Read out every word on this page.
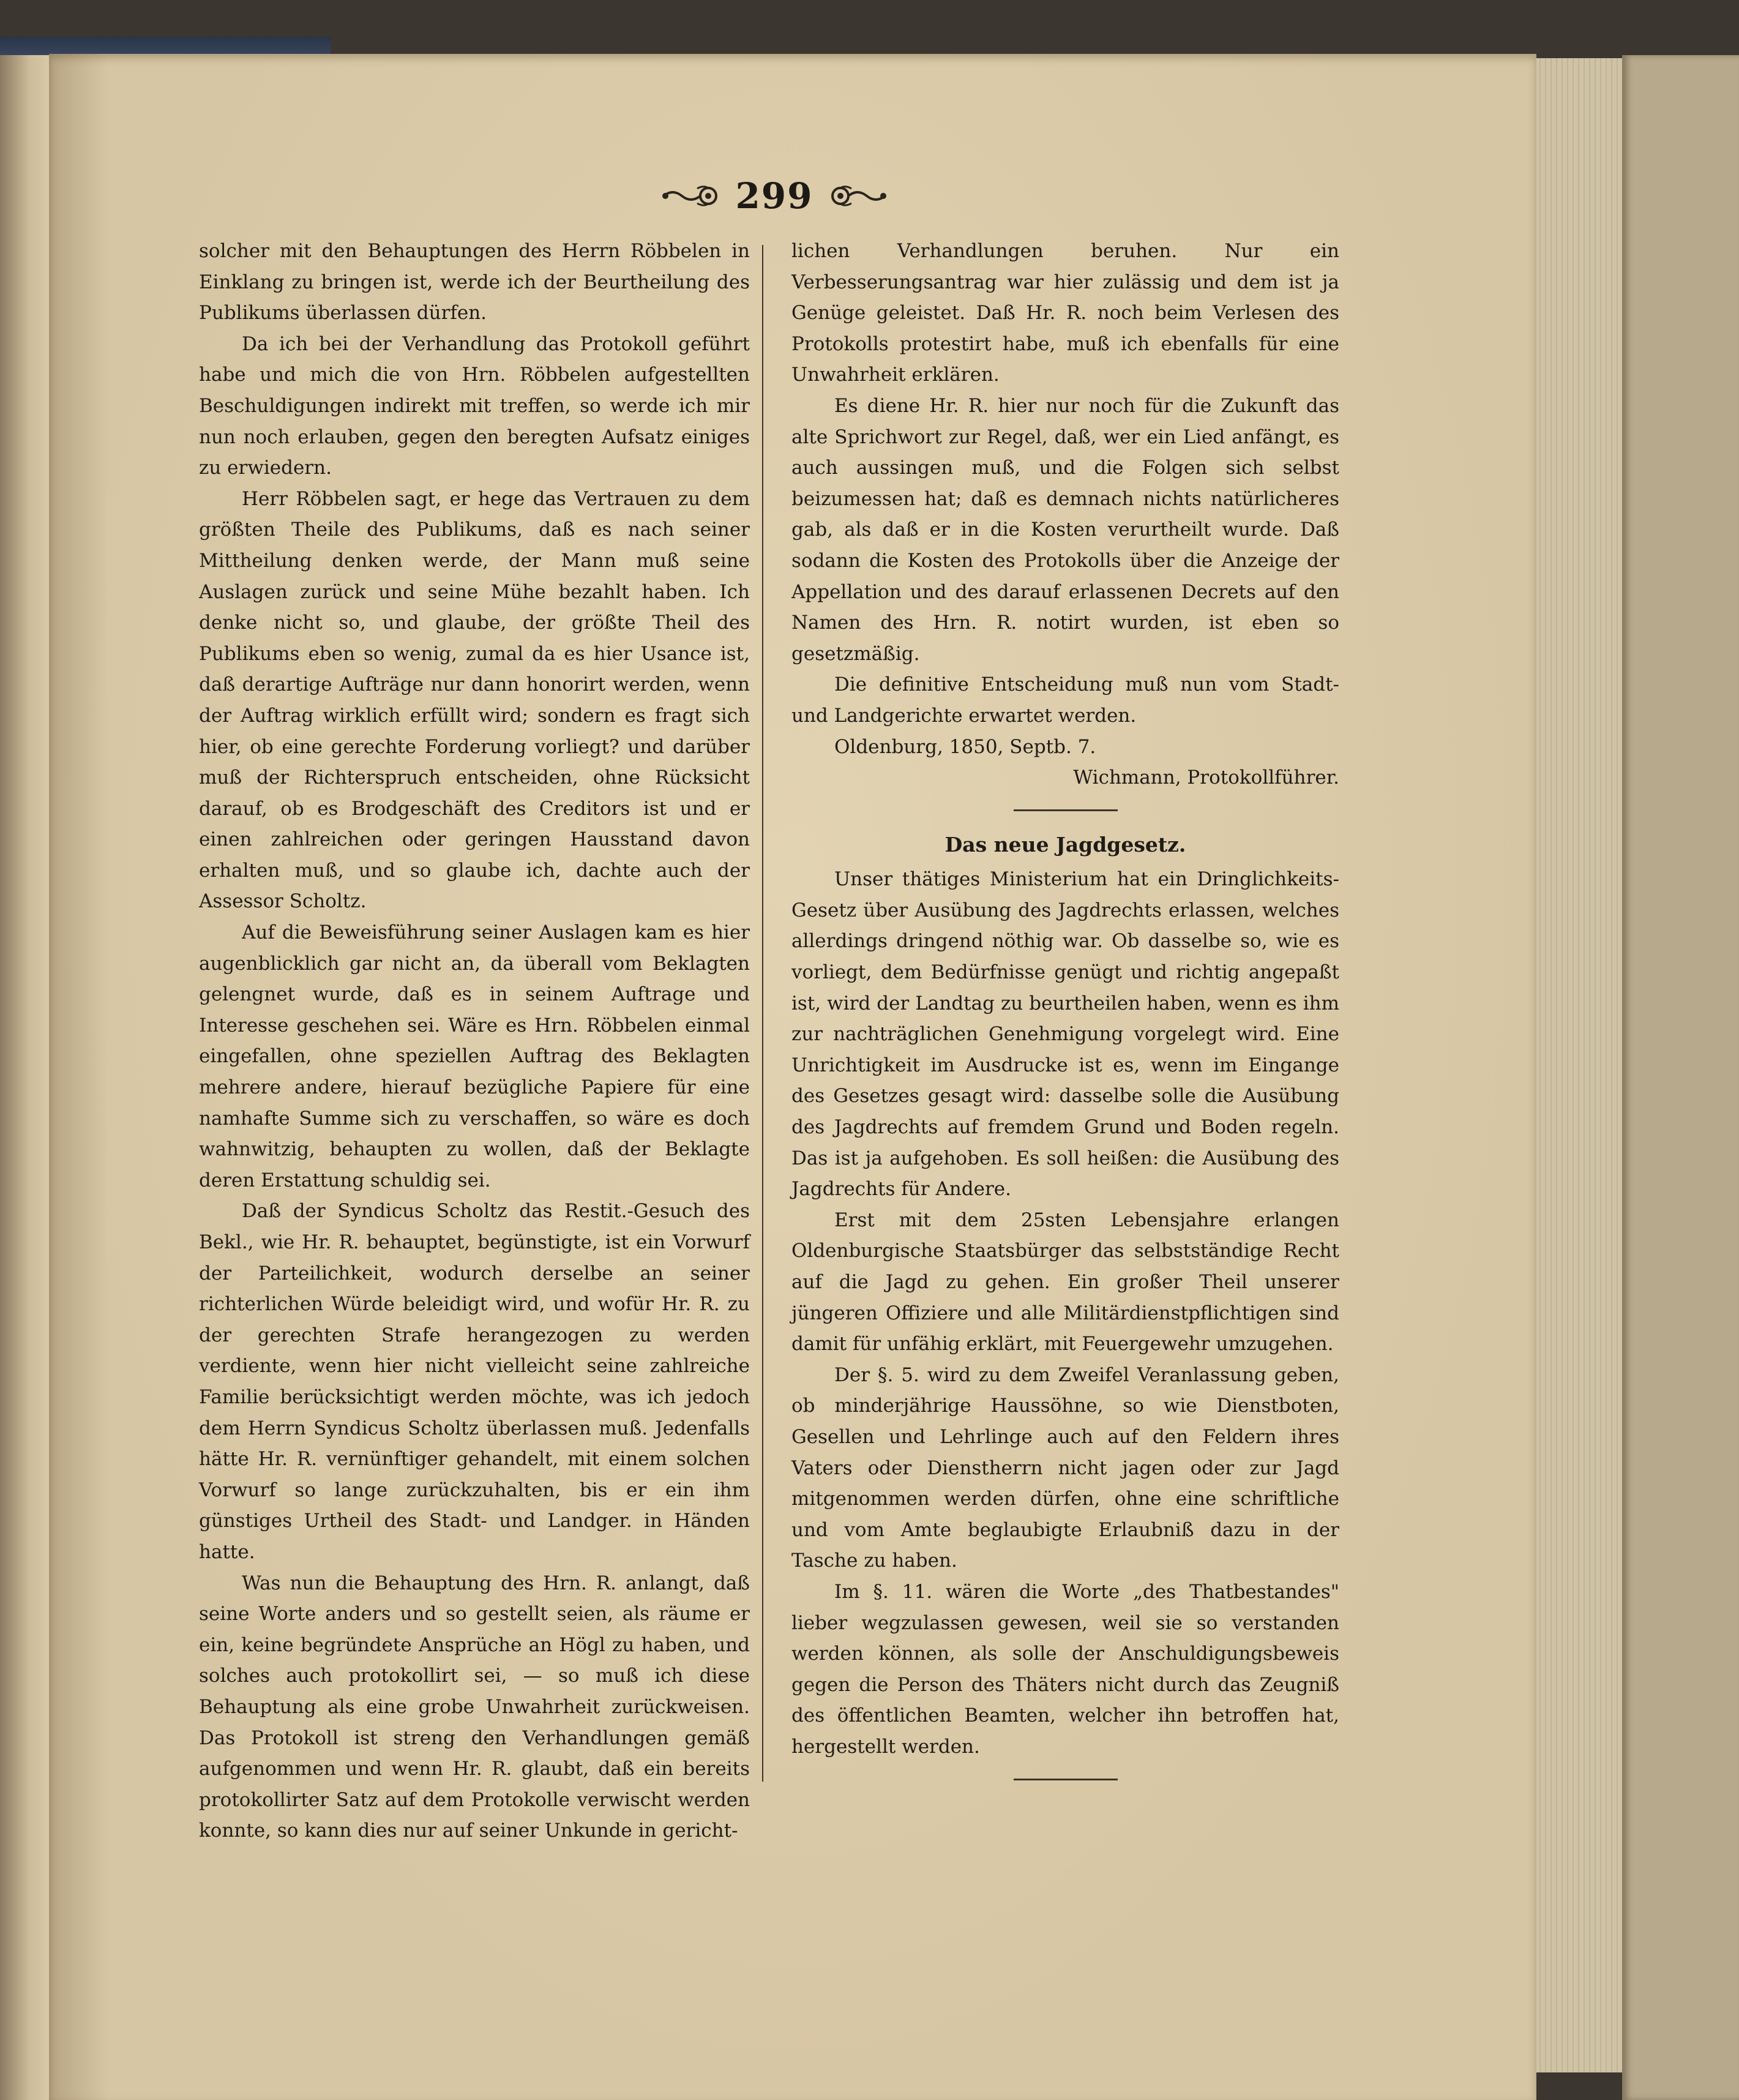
299

solcher mit den Behauptungen des Herrn Röbbelen in Einklang zu bringen ist, werde ich der Beurtheilung des Publikums überlassen dürfen.

Da ich bei der Verhandlung das Protokoll geführt habe und mich die von Hrn. Röbbelen aufgestellten Beschuldigungen indirekt mit treffen, so werde ich mir nun noch erlauben, gegen den beregten Aufsatz einiges zu erwiedern.

Herr Röbbelen sagt, er hege das Vertrauen zu dem größten Theile des Publikums, daß es nach seiner Mittheilung denken werde, der Mann muß seine Auslagen zurück und seine Mühe bezahlt haben. Ich denke nicht so, und glaube, der größte Theil des Publikums eben so wenig, zumal da es hier Usance ist, daß derartige Aufträge nur dann honorirt werden, wenn der Auftrag wirklich erfüllt wird; sondern es fragt sich hier, ob eine gerechte Forderung vorliegt? und darüber muß der Richterspruch entscheiden, ohne Rücksicht darauf, ob es Brodgeschäft des Creditors ist und er einen zahlreichen oder geringen Hausstand davon erhalten muß, und so glaube ich, dachte auch der Assessor Scholtz.

Auf die Beweisführung seiner Auslagen kam es hier augenblicklich gar nicht an, da überall vom Beklagten gelengnet wurde, daß es in seinem Auftrage und Interesse geschehen sei. Wäre es Hrn. Röbbelen einmal eingefallen, ohne speziellen Auftrag des Beklagten mehrere andere, hierauf bezügliche Papiere für eine namhafte Summe sich zu verschaffen, so wäre es doch wahnwitzig, behaupten zu wollen, daß der Beklagte deren Erstattung schuldig sei.

Daß der Syndicus Scholtz das Restit.-Gesuch des Bekl., wie Hr. R. behauptet, begünstigte, ist ein Vorwurf der Parteilichkeit, wodurch derselbe an seiner richterlichen Würde beleidigt wird, und wofür Hr. R. zu der gerechten Strafe herangezogen zu werden verdiente, wenn hier nicht vielleicht seine zahlreiche Familie berücksichtigt werden möchte, was ich jedoch dem Herrn Syndicus Scholtz überlassen muß. Jedenfalls hätte Hr. R. vernünftiger gehandelt, mit einem solchen Vorwurf so lange zurückzuhalten, bis er ein ihm günstiges Urtheil des Stadt- und Landger. in Händen hatte.

Was nun die Behauptung des Hrn. R. anlangt, daß seine Worte anders und so gestellt seien, als räume er ein, keine begründete Ansprüche an Högl zu haben, und solches auch protokollirt sei, — so muß ich diese Behauptung als eine grobe Unwahrheit zurückweisen. Das Protokoll ist streng den Verhandlungen gemäß aufgenommen und wenn Hr. R. glaubt, daß ein bereits protokollirter Satz auf dem Protokolle verwischt werden konnte, so kann dies nur auf seiner Unkunde in gericht-

lichen Verhandlungen beruhen. Nur ein Verbesserungsantrag war hier zulässig und dem ist ja Genüge geleistet. Daß Hr. R. noch beim Verlesen des Protokolls protestirt habe, muß ich ebenfalls für eine Unwahrheit erklären.

Es diene Hr. R. hier nur noch für die Zukunft das alte Sprichwort zur Regel, daß, wer ein Lied anfängt, es auch aussingen muß, und die Folgen sich selbst beizumessen hat; daß es demnach nichts natürlicheres gab, als daß er in die Kosten verurtheilt wurde. Daß sodann die Kosten des Protokolls über die Anzeige der Appellation und des darauf erlassenen Decrets auf den Namen des Hrn. R. notirt wurden, ist eben so gesetzmäßig.

Die definitive Entscheidung muß nun vom Stadt- und Landgerichte erwartet werden.

Oldenburg, 1850, Septb. 7.

Wichmann, Protokollführer.

Das neue Jagdgesetz.

Unser thätiges Ministerium hat ein Dringlichkeits-Gesetz über Ausübung des Jagdrechts erlassen, welches allerdings dringend nöthig war. Ob dasselbe so, wie es vorliegt, dem Bedürfnisse genügt und richtig angepaßt ist, wird der Landtag zu beurtheilen haben, wenn es ihm zur nachträglichen Genehmigung vorgelegt wird. Eine Unrichtigkeit im Ausdrucke ist es, wenn im Eingange des Gesetzes gesagt wird: dasselbe solle die Ausübung des Jagdrechts auf fremdem Grund und Boden regeln. Das ist ja aufgehoben. Es soll heißen: die Ausübung des Jagdrechts für Andere.

Erst mit dem 25sten Lebensjahre erlangen Oldenburgische Staatsbürger das selbstständige Recht auf die Jagd zu gehen. Ein großer Theil unserer jüngeren Offiziere und alle Militärdienstpflichtigen sind damit für unfähig erklärt, mit Feuergewehr umzugehen.

Der §. 5. wird zu dem Zweifel Veranlassung geben, ob minderjährige Haussöhne, so wie Dienstboten, Gesellen und Lehrlinge auch auf den Feldern ihres Vaters oder Dienstherrn nicht jagen oder zur Jagd mitgenommen werden dürfen, ohne eine schriftliche und vom Amte beglaubigte Erlaubniß dazu in der Tasche zu haben.

Im §. 11. wären die Worte „des Thatbestandes" lieber wegzulassen gewesen, weil sie so verstanden werden können, als solle der Anschuldigungsbeweis gegen die Person des Thäters nicht durch das Zeugniß des öffentlichen Beamten, welcher ihn betroffen hat, hergestellt werden.
